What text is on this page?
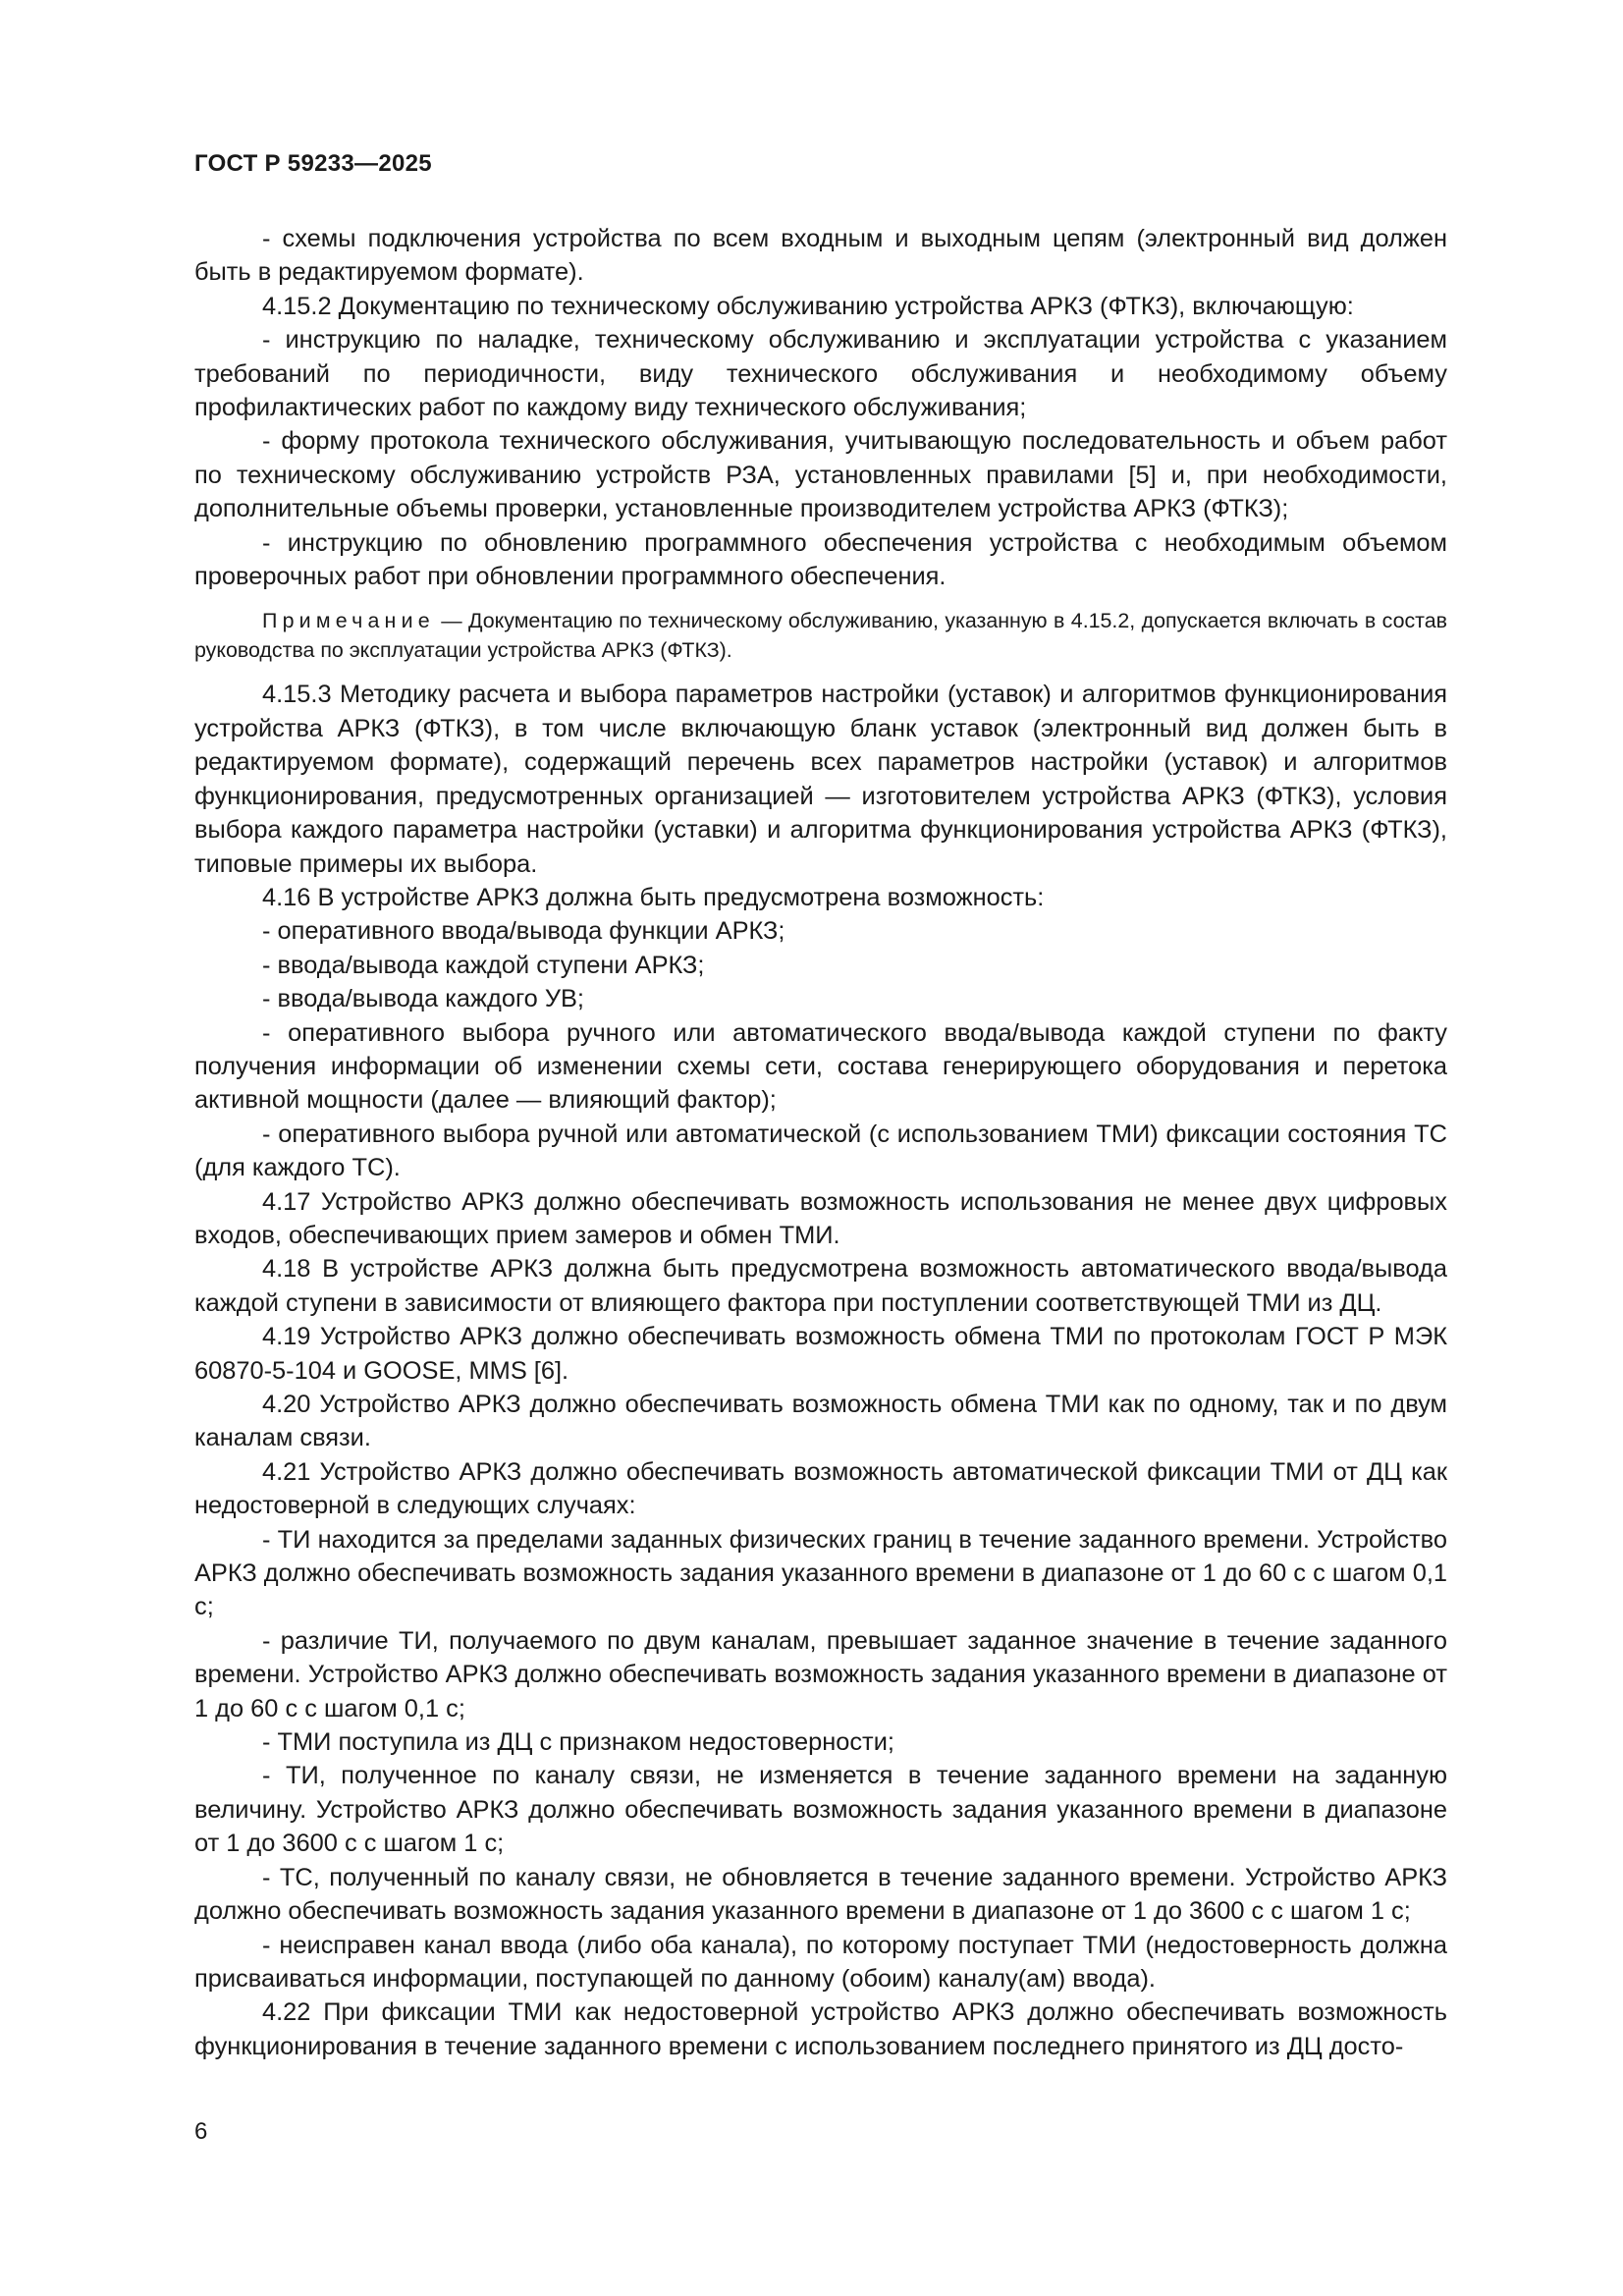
ГОСТ Р 59233—2025

- схемы подключения устройства по всем входным и выходным цепям (электронный вид должен быть в редактируемом формате).

4.15.2 Документацию по техническому обслуживанию устройства АРКЗ (ФТКЗ), включающую:

- инструкцию по наладке, техническому обслуживанию и эксплуатации устройства с указанием требований по периодичности, виду технического обслуживания и необходимому объему профилактических работ по каждому виду технического обслуживания;

- форму протокола технического обслуживания, учитывающую последовательность и объем работ по техническому обслуживанию устройств РЗА, установленных правилами [5] и, при необходимости, дополнительные объемы проверки, установленные производителем устройства АРКЗ (ФТКЗ);

- инструкцию по обновлению программного обеспечения устройства с необходимым объемом проверочных работ при обновлении программного обеспечения.

Примечание — Документацию по техническому обслуживанию, указанную в 4.15.2, допускается включать в состав руководства по эксплуатации устройства АРКЗ (ФТКЗ).

4.15.3 Методику расчета и выбора параметров настройки (уставок) и алгоритмов функционирования устройства АРКЗ (ФТКЗ), в том числе включающую бланк уставок (электронный вид должен быть в редактируемом формате), содержащий перечень всех параметров настройки (уставок) и алгоритмов функционирования, предусмотренных организацией — изготовителем устройства АРКЗ (ФТКЗ), условия выбора каждого параметра настройки (уставки) и алгоритма функционирования устройства АРКЗ (ФТКЗ), типовые примеры их выбора.

4.16 В устройстве АРКЗ должна быть предусмотрена возможность:

- оперативного ввода/вывода функции АРКЗ;

- ввода/вывода каждой ступени АРКЗ;

- ввода/вывода каждого УВ;

- оперативного выбора ручного или автоматического ввода/вывода каждой ступени по факту получения информации об изменении схемы сети, состава генерирующего оборудования и перетока активной мощности (далее — влияющий фактор);

- оперативного выбора ручной или автоматической (с использованием ТМИ) фиксации состояния ТС (для каждого ТС).

4.17 Устройство АРКЗ должно обеспечивать возможность использования не менее двух цифровых входов, обеспечивающих прием замеров и обмен ТМИ.

4.18 В устройстве АРКЗ должна быть предусмотрена возможность автоматического ввода/вывода каждой ступени в зависимости от влияющего фактора при поступлении соответствующей ТМИ из ДЦ.

4.19 Устройство АРКЗ должно обеспечивать возможность обмена ТМИ по протоколам ГОСТ Р МЭК 60870-5-104 и GOOSE, MMS [6].

4.20 Устройство АРКЗ должно обеспечивать возможность обмена ТМИ как по одному, так и по двум каналам связи.

4.21 Устройство АРКЗ должно обеспечивать возможность автоматической фиксации ТМИ от ДЦ как недостоверной в следующих случаях:

- ТИ находится за пределами заданных физических границ в течение заданного времени. Устройство АРКЗ должно обеспечивать возможность задания указанного времени в диапазоне от 1 до 60 с с шагом 0,1 с;

- различие ТИ, получаемого по двум каналам, превышает заданное значение в течение заданного времени. Устройство АРКЗ должно обеспечивать возможность задания указанного времени в диапазоне от 1 до 60 с с шагом 0,1 с;

- ТМИ поступила из ДЦ с признаком недостоверности;

- ТИ, полученное по каналу связи, не изменяется в течение заданного времени на заданную величину. Устройство АРКЗ должно обеспечивать возможность задания указанного времени в диапазоне от 1 до 3600 с с шагом 1 с;

- ТС, полученный по каналу связи, не обновляется в течение заданного времени. Устройство АРКЗ должно обеспечивать возможность задания указанного времени в диапазоне от 1 до 3600 с с шагом 1 с;

- неисправен канал ввода (либо оба канала), по которому поступает ТМИ (недостоверность должна присваиваться информации, поступающей по данному (обоим) каналу(ам) ввода).

4.22 При фиксации ТМИ как недостоверной устройство АРКЗ должно обеспечивать возможность функционирования в течение заданного времени с использованием последнего принятого из ДЦ досто-

6
